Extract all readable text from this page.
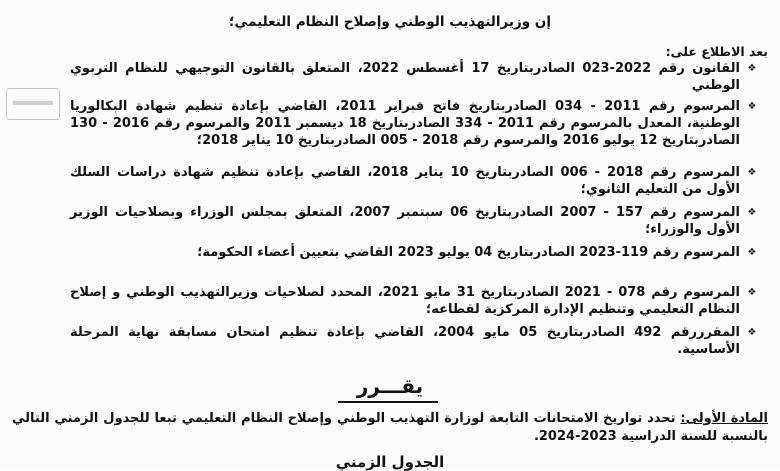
إن وزيرالتهذيب الوطني وإصلاح النظام التعليمي؛
بعد الاطلاع على:
❖
القانون رقم 2022-023 الصادربتاريخ 17 أغسطس 2022، المتعلق بالقانون التوجيهي للنظام التربوي الوطني
❖
المرسوم رقم 2011 - 034 الصادربتاريخ فاتح فبراير 2011، القاضي بإعادة تنظيم شهادة البكالوريا الوطنية، المعدل بالمرسوم رقم 2011 - 334 الصادربتاريخ 18 ديسمبر 2011 والمرسوم رقم 2016 - 130 الصادربتاريخ 12 يوليو 2016 والمرسوم رقم 2018 - 005 الصادربتاريخ 10 يناير 2018؛
❖
المرسوم رقم 2018 - 006 الصادربتاريخ 10 يناير 2018، القاضي بإعادة تنظيم شهادة دراسات السلك الأول من التعليم الثانوي؛
❖
المرسوم رقم 157 - 2007 الصادربتاريخ 06 سبتمبر 2007، المتعلق بمجلس الوزراء وبصلاحيات الوزير الأول والوزراء؛
❖
المرسوم رقم 119-2023 الصادربتاريخ 04 يوليو 2023 القاضي بتعيين أعضاء الحكومة؛
❖
المرسوم رقم 078 - 2021 الصادربتاريخ 31 مايو 2021، المحدد لصلاحيات وزيرالتهذيب الوطني و إصلاح النظام التعليمي وتنظيم الإدارة المركزية لقطاعه؛
❖
المقرررقم 492 الصادربتاريخ 05 مايو 2004، القاضي بإعادة تنظيم امتحان مسابقة نهاية المرحلة الأساسية.
يقـــرر
المادة الأولى: تحدد تواريخ الامتحانات التابعة لوزارة التهذيب الوطني وإصلاح النظام التعليمي تبعا للجدول الزمني التالي بالنسبة للسنة الدراسية 2023-2024.
الجدول الزمني
